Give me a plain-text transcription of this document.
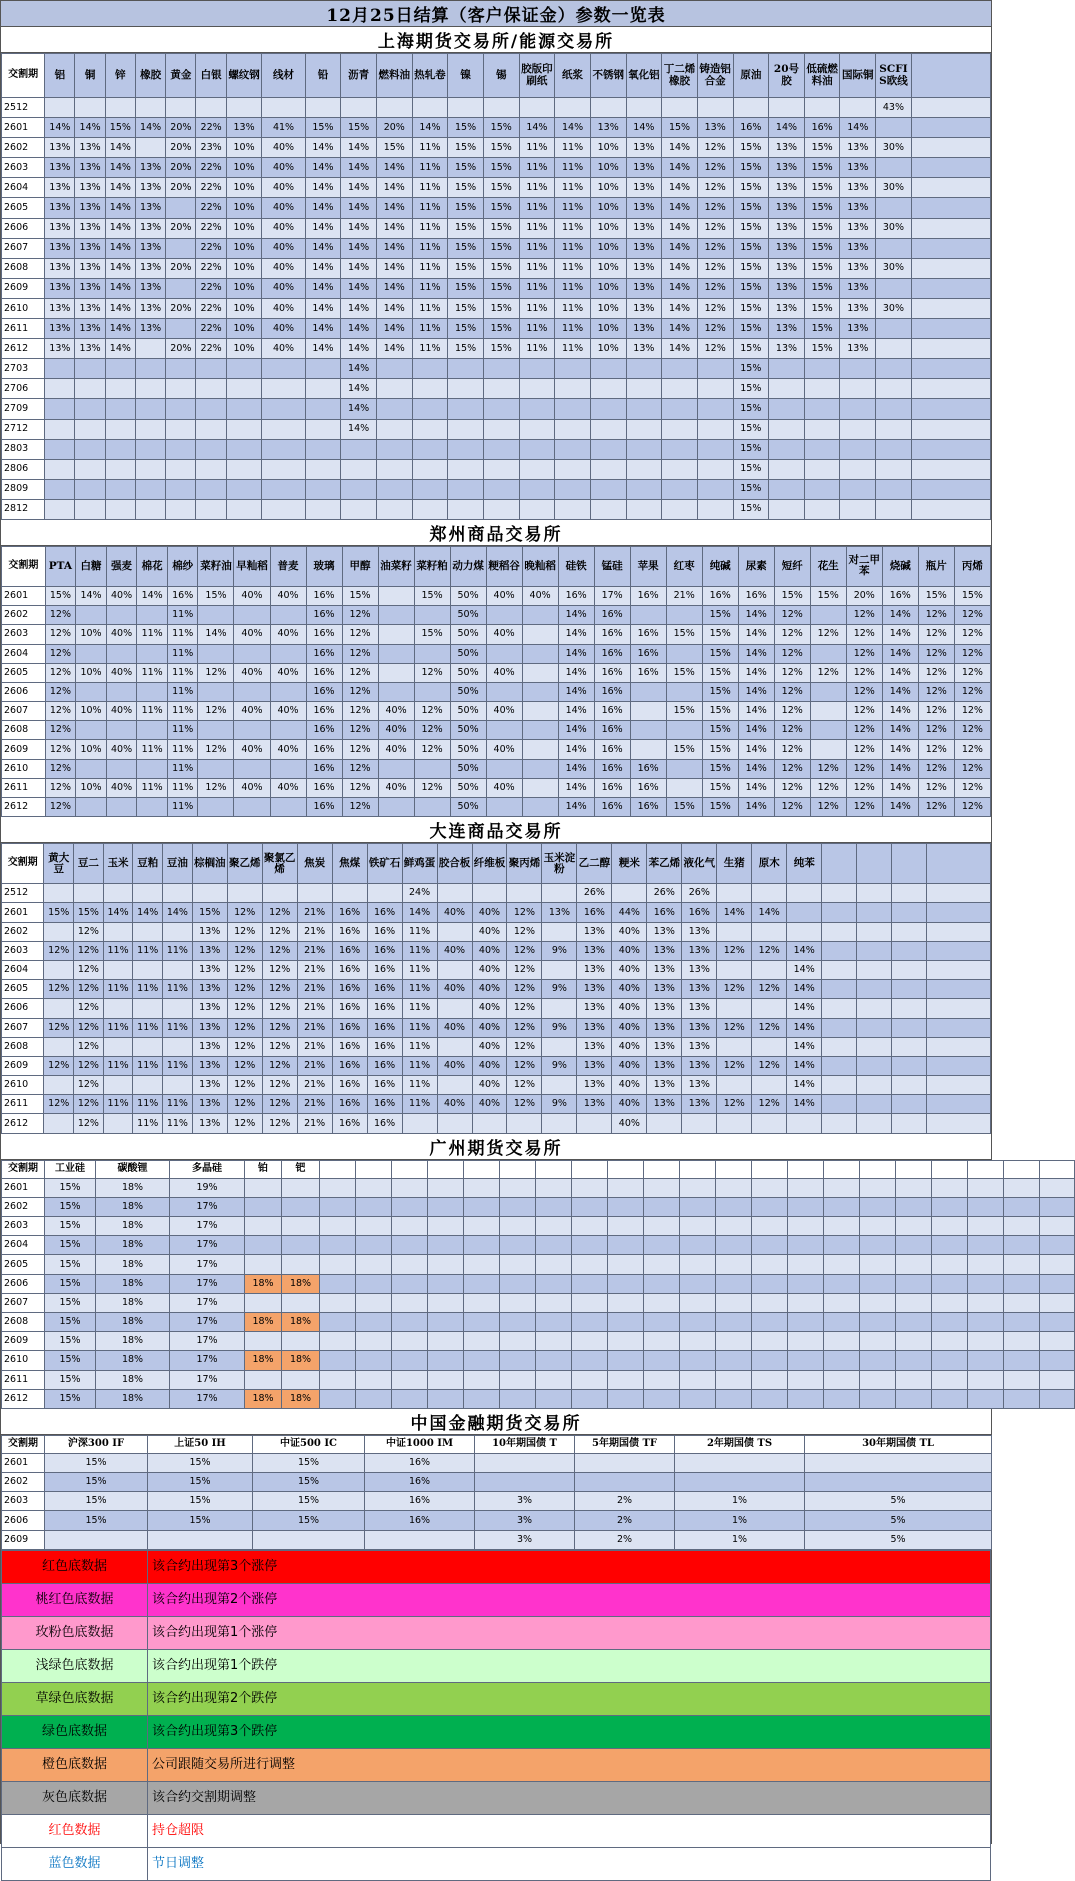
12月25日结算（客户保证金）参数一览表
上海期货交易所/能源交易所
交割期	铝	铜	锌	橡胶	黄金	白银	螺纹钢	线材	铅	沥青	燃料油	热轧卷	镍	锡	胶版印刷纸	纸浆	不锈钢	氧化铝	丁二烯橡胶	铸造铝合金	原油	20号胶	低硫燃料油	国际铜	SCFIS欧线	
2512																									43%	
2601	14%	14%	15%	14%	20%	22%	13%	41%	15%	15%	20%	14%	15%	15%	14%	14%	13%	14%	15%	13%	16%	14%	16%	14%		
2602	13%	13%	14%		20%	23%	10%	40%	14%	14%	15%	11%	15%	15%	11%	11%	10%	13%	14%	12%	15%	13%	15%	13%	30%	
2603	13%	13%	14%	13%	20%	22%	10%	40%	14%	14%	14%	11%	15%	15%	11%	11%	10%	13%	14%	12%	15%	13%	15%	13%		
2604	13%	13%	14%	13%	20%	22%	10%	40%	14%	14%	14%	11%	15%	15%	11%	11%	10%	13%	14%	12%	15%	13%	15%	13%	30%	
2605	13%	13%	14%	13%		22%	10%	40%	14%	14%	14%	11%	15%	15%	11%	11%	10%	13%	14%	12%	15%	13%	15%	13%		
2606	13%	13%	14%	13%	20%	22%	10%	40%	14%	14%	14%	11%	15%	15%	11%	11%	10%	13%	14%	12%	15%	13%	15%	13%	30%	
2607	13%	13%	14%	13%		22%	10%	40%	14%	14%	14%	11%	15%	15%	11%	11%	10%	13%	14%	12%	15%	13%	15%	13%		
2608	13%	13%	14%	13%	20%	22%	10%	40%	14%	14%	14%	11%	15%	15%	11%	11%	10%	13%	14%	12%	15%	13%	15%	13%	30%	
2609	13%	13%	14%	13%		22%	10%	40%	14%	14%	14%	11%	15%	15%	11%	11%	10%	13%	14%	12%	15%	13%	15%	13%		
2610	13%	13%	14%	13%	20%	22%	10%	40%	14%	14%	14%	11%	15%	15%	11%	11%	10%	13%	14%	12%	15%	13%	15%	13%	30%	
2611	13%	13%	14%	13%		22%	10%	40%	14%	14%	14%	11%	15%	15%	11%	11%	10%	13%	14%	12%	15%	13%	15%	13%		
2612	13%	13%	14%		20%	22%	10%	40%	14%	14%	14%	11%	15%	15%	11%	11%	10%	13%	14%	12%	15%	13%	15%	13%		
2703										14%											15%					
2706										14%											15%					
2709										14%											15%					
2712										14%											15%					
2803																					15%					
2806																					15%					
2809																					15%					
2812																					15%					
郑州商品交易所
交割期	PTA	白糖	强麦	棉花	棉纱	菜籽油	早籼稻	普麦	玻璃	甲醇	油菜籽	菜籽粕	动力煤	粳稻谷	晚籼稻	硅铁	锰硅	苹果	红枣	纯碱	尿素	短纤	花生	对二甲苯	烧碱	瓶片	丙烯
2601	15%	14%	40%	14%	16%	15%	40%	40%	16%	15%		15%	50%	40%	40%	16%	17%	16%	21%	16%	16%	15%	15%	20%	16%	15%	15%
2602	12%				11%				16%	12%			50%			14%	16%			15%	14%	12%		12%	14%	12%	12%
2603	12%	10%	40%	11%	11%	14%	40%	40%	16%	12%		15%	50%	40%		14%	16%	16%	15%	15%	14%	12%	12%	12%	14%	12%	12%
2604	12%				11%				16%	12%			50%			14%	16%	16%		15%	14%	12%		12%	14%	12%	12%
2605	12%	10%	40%	11%	11%	12%	40%	40%	16%	12%		12%	50%	40%		14%	16%	16%	15%	15%	14%	12%	12%	12%	14%	12%	12%
2606	12%				11%				16%	12%			50%			14%	16%			15%	14%	12%		12%	14%	12%	12%
2607	12%	10%	40%	11%	11%	12%	40%	40%	16%	12%	40%	12%	50%	40%		14%	16%		15%	15%	14%	12%		12%	14%	12%	12%
2608	12%				11%				16%	12%	40%	12%	50%			14%	16%			15%	14%	12%		12%	14%	12%	12%
2609	12%	10%	40%	11%	11%	12%	40%	40%	16%	12%	40%	12%	50%	40%		14%	16%		15%	15%	14%	12%		12%	14%	12%	12%
2610	12%				11%				16%	12%			50%			14%	16%	16%		15%	14%	12%	12%	12%	14%	12%	12%
2611	12%	10%	40%	11%	11%	12%	40%	40%	16%	12%	40%	12%	50%	40%		14%	16%	16%		15%	14%	12%	12%	12%	14%	12%	12%
2612	12%				11%				16%	12%			50%			14%	16%	16%	15%	15%	14%	12%	12%	12%	14%	12%	12%
大连商品交易所
交割期	黄大豆	豆二	玉米	豆粕	豆油	棕榈油	聚乙烯	聚氯乙烯	焦炭	焦煤	铁矿石	鲜鸡蛋	胶合板	纤维板	聚丙烯	玉米淀粉	乙二醇	粳米	苯乙烯	液化气	生猪	原木	纯苯				
2512												24%					26%		26%	26%							
2601	15%	15%	14%	14%	14%	15%	12%	12%	21%	16%	16%	14%	40%	40%	12%	13%	16%	44%	16%	16%	14%	14%					
2602		12%				13%	12%	12%	21%	16%	16%	11%		40%	12%		13%	40%	13%	13%							
2603	12%	12%	11%	11%	11%	13%	12%	12%	21%	16%	16%	11%	40%	40%	12%	9%	13%	40%	13%	13%	12%	12%	14%				
2604		12%				13%	12%	12%	21%	16%	16%	11%		40%	12%		13%	40%	13%	13%			14%				
2605	12%	12%	11%	11%	11%	13%	12%	12%	21%	16%	16%	11%	40%	40%	12%	9%	13%	40%	13%	13%	12%	12%	14%				
2606		12%				13%	12%	12%	21%	16%	16%	11%		40%	12%		13%	40%	13%	13%			14%				
2607	12%	12%	11%	11%	11%	13%	12%	12%	21%	16%	16%	11%	40%	40%	12%	9%	13%	40%	13%	13%	12%	12%	14%				
2608		12%				13%	12%	12%	21%	16%	16%	11%		40%	12%		13%	40%	13%	13%			14%				
2609	12%	12%	11%	11%	11%	13%	12%	12%	21%	16%	16%	11%	40%	40%	12%	9%	13%	40%	13%	13%	12%	12%	14%				
2610		12%				13%	12%	12%	21%	16%	16%	11%		40%	12%		13%	40%	13%	13%			14%				
2611	12%	12%	11%	11%	11%	13%	12%	12%	21%	16%	16%	11%	40%	40%	12%	9%	13%	40%	13%	13%	12%	12%	14%				
2612		12%		11%	11%	13%	12%	12%	21%	16%	16%							40%									
广州期货交易所
交割期	工业硅	碳酸锂	多晶硅	铂	钯																					
2601	15%	18%	19%																							
2602	15%	18%	17%																							
2603	15%	18%	17%																							
2604	15%	18%	17%																							
2605	15%	18%	17%																							
2606	15%	18%	17%	18%	18%																					
2607	15%	18%	17%																							
2608	15%	18%	17%	18%	18%																					
2609	15%	18%	17%																							
2610	15%	18%	17%	18%	18%																					
2611	15%	18%	17%																							
2612	15%	18%	17%	18%	18%																					
中国金融期货交易所
交割期	沪深300 IF	上证50 IH	中证500 IC	中证1000 IM	10年期国债 T	5年期国债 TF	2年期国债 TS	30年期国债 TL
2601	15%	15%	15%	16%				
2602	15%	15%	15%	16%				
2603	15%	15%	15%	16%	3%	2%	1%	5%
2606	15%	15%	15%	16%	3%	2%	1%	5%
2609					3%	2%	1%	5%
红色底数据	该合约出现第3个涨停
桃红色底数据	该合约出现第2个涨停
玫粉色底数据	该合约出现第1个涨停
浅绿色底数据	该合约出现第1个跌停
草绿色底数据	该合约出现第2个跌停
绿色底数据	该合约出现第3个跌停
橙色底数据	公司跟随交易所进行调整
灰色底数据	该合约交割期调整
红色数据	持仓超限
蓝色数据	节日调整
